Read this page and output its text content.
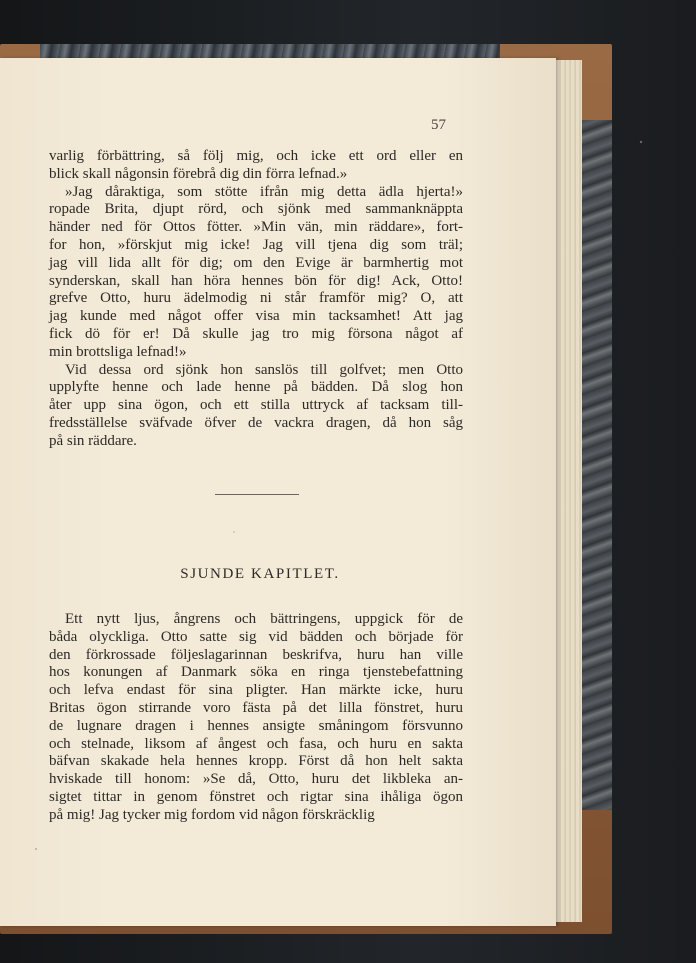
57

varlig förbättring, så följ mig, och icke ett ord eller en

blick skall någonsin förebrå dig din förra lefnad.»

»Jag dåraktiga, som stötte ifrån mig detta ädla hjerta!»

ropade Brita, djupt rörd, och sjönk med sammanknäppta

händer ned för Ottos fötter. »Min vän, min räddare», fort-

for hon, »förskjut mig icke! Jag vill tjena dig som träl;

jag vill lida allt för dig; om den Evige är barmhertig mot

synderskan, skall han höra hennes bön för dig! Ack, Otto!

grefve Otto, huru ädelmodig ni står framför mig? O, att

jag kunde med något offer visa min tacksamhet! Att jag

fick dö för er! Då skulle jag tro mig försona något af

min brottsliga lefnad!»

Vid dessa ord sjönk hon sanslös till golfvet; men Otto

upplyfte henne och lade henne på bädden. Då slog hon

åter upp sina ögon, och ett stilla uttryck af tacksam till-

fredsställelse sväfvade öfver de vackra dragen, då hon såg

på sin räddare.

SJUNDE KAPITLET.

Ett nytt ljus, ångrens och bättringens, uppgick för de

båda olyckliga. Otto satte sig vid bädden och började för

den förkrossade följeslagarinnan beskrifva, huru han ville

hos konungen af Danmark söka en ringa tjenstebefattning

och lefva endast för sina pligter. Han märkte icke, huru

Britas ögon stirrande voro fästa på det lilla fönstret, huru

de lugnare dragen i hennes ansigte småningom försvunno

och stelnade, liksom af ångest och fasa, och huru en sakta

bäfvan skakade hela hennes kropp. Först då hon helt sakta

hviskade till honom: »Se då, Otto, huru det likbleka an-

sigtet tittar in genom fönstret och rigtar sina ihåliga ögon

på mig! Jag tycker mig fordom vid någon förskräcklig
